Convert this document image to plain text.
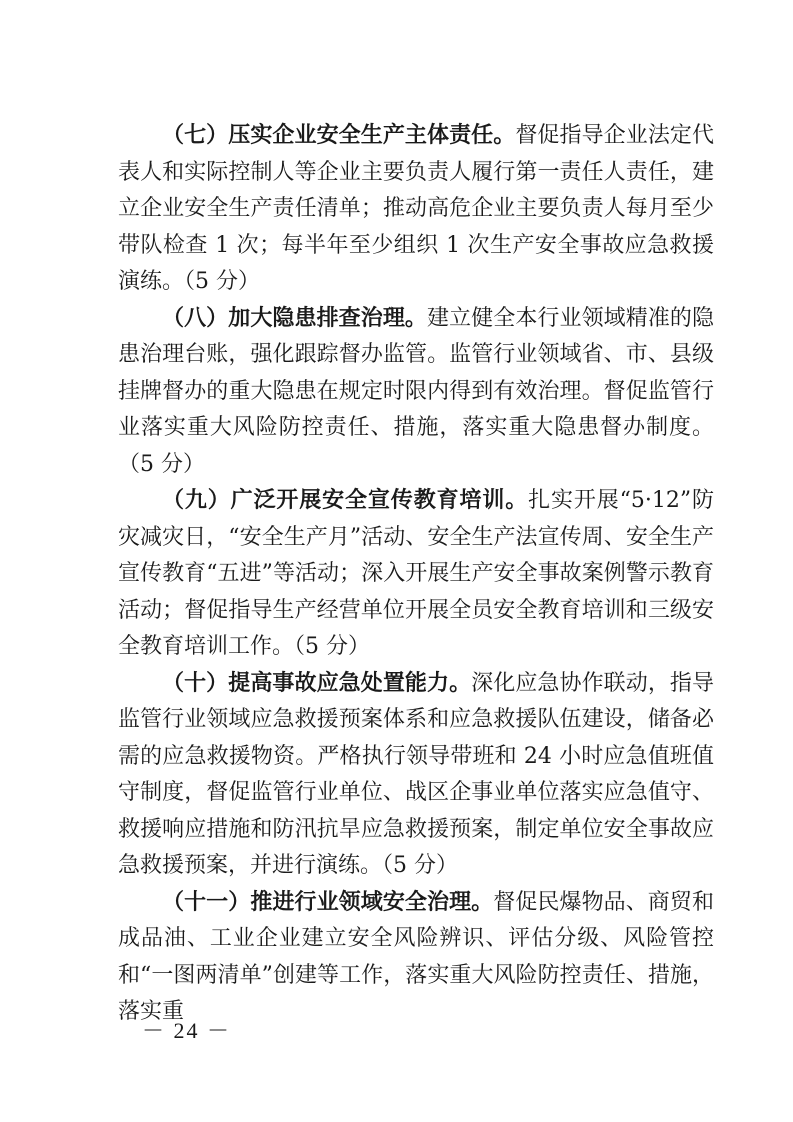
（七）压实企业安全生产主体责任。督促指导企业法定代表人和实际控制人等企业主要负责人履行第一责任人责任，建立企业安全生产责任清单；推动高危企业主要负责人每月至少带队检查 1 次；每半年至少组织 1 次生产安全事故应急救援演练。（5 分）

（八）加大隐患排查治理。建立健全本行业领域精准的隐患治理台账，强化跟踪督办监管。监管行业领域省、市、县级挂牌督办的重大隐患在规定时限内得到有效治理。督促监管行业落实重大风险防控责任、措施，落实重大隐患督办制度。（5 分）

（九）广泛开展安全宣传教育培训。扎实开展“5·12”防灾减灾日，“安全生产月”活动、安全生产法宣传周、安全生产宣传教育“五进”等活动；深入开展生产安全事故案例警示教育活动；督促指导生产经营单位开展全员安全教育培训和三级安全教育培训工作。（5 分）

（十）提高事故应急处置能力。深化应急协作联动，指导监管行业领域应急救援预案体系和应急救援队伍建设，储备必需的应急救援物资。严格执行领导带班和 24 小时应急值班值守制度，督促监管行业单位、战区企事业单位落实应急值守、救援响应措施和防汛抗旱应急救援预案，制定单位安全事故应急救援预案，并进行演练。（5 分）

（十一）推进行业领域安全治理。督促民爆物品、商贸和成品油、工业企业建立安全风险辨识、评估分级、风险管控和“一图两清单”创建等工作，落实重大风险防控责任、措施，落实重

－ 24 －
